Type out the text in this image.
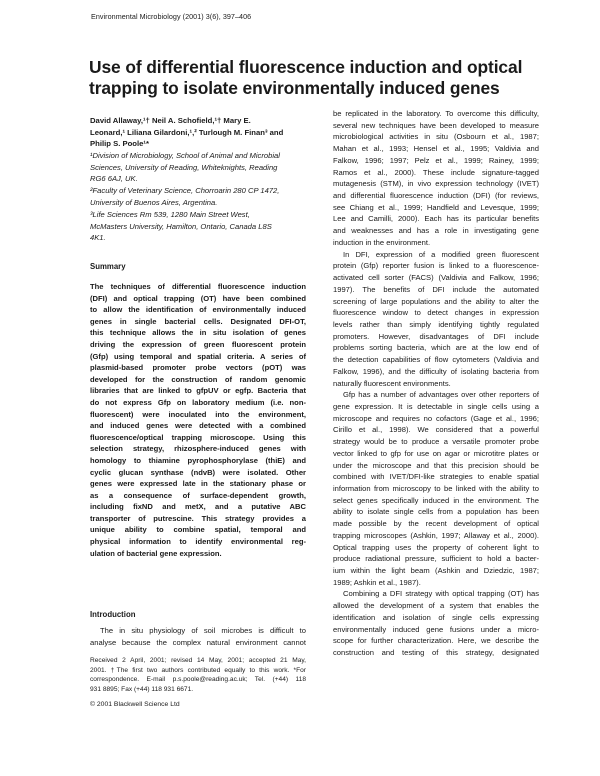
Environmental Microbiology (2001) 3(6), 397–406
Use of differential fluorescence induction and optical
trapping to isolate environmentally induced genes
David Allaway,¹† Neil A. Schofield,¹† Mary E.
Leonard,¹ Liliana Gilardoni,¹,² Turlough M. Finan³ and
Philip S. Poole¹*
¹Division of Microbiology, School of Animal and Microbial
Sciences, University of Reading, Whiteknights, Reading
RG6 6AJ, UK.
²Faculty of Veterinary Science, Chorroarin 280 CP 1472,
University of Buenos Aires, Argentina.
³Life Sciences Rm 539, 1280 Main Street West,
McMasters University, Hamilton, Ontario, Canada L8S
4K1.
Summary
The techniques of differential fluorescence induction
(DFI) and optical trapping (OT) have been combined
to allow the identification of environmentally induced
genes in single bacterial cells. Designated DFI-OT,
this technique allows the in situ isolation of genes
driving the expression of green fluorescent protein
(Gfp) using temporal and spatial criteria. A series of
plasmid-based promoter probe vectors (pOT) was
developed for the construction of random genomic
libraries that are linked to gfpUV or egfp. Bacteria that
do not express Gfp on laboratory medium (i.e. non-
fluorescent) were inoculated into the environment,
and induced genes were detected with a combined
fluorescence/optical trapping microscope. Using this
selection strategy, rhizosphere-induced genes with
homology to thiamine pyrophosphorylase (thiE) and
cyclic glucan synthase (ndvB) were isolated. Other
genes were expressed late in the stationary phase or
as a consequence of surface-dependent growth,
including fixND and metX, and a putative ABC
transporter of putrescine. This strategy provides a
unique ability to combine spatial, temporal and
physical information to identify environmental reg-
ulation of bacterial gene expression.
Introduction
The in situ physiology of soil microbes is difficult to
analyse because the complex natural environment cannot
Received 2 April, 2001; revised 14 May, 2001; accepted 21 May,
2001. †The first two authors contributed equally to this work. *For
correspondence. E-mail p.s.poole@reading.ac.uk; Tel. (+44) 118
931 8895; Fax (+44) 118 931 6671.
© 2001 Blackwell Science Ltd
be replicated in the laboratory. To overcome this difficulty,
several new techniques have been developed to measure
microbiological activities in situ (Osbourn et al., 1987;
Mahan et al., 1993; Hensel et al., 1995; Valdivia and
Falkow, 1996; 1997; Pelz et al., 1999; Rainey, 1999;
Ramos et al., 2000). These include signature-tagged
mutagenesis (STM), in vivo expression technology (IVET)
and differential fluorescence induction (DFI) (for reviews,
see Chiang et al., 1999; Handfield and Levesque, 1999;
Lee and Camilli, 2000). Each has its particular benefits
and weaknesses and has a role in investigating gene
induction in the environment.
In DFI, expression of a modified green fluorescent
protein (Gfp) reporter fusion is linked to a fluorescence-
activated cell sorter (FACS) (Valdivia and Falkow, 1996;
1997). The benefits of DFI include the automated
screening of large populations and the ability to alter the
fluorescence window to detect changes in expression
levels rather than simply identifying tightly regulated
promoters. However, disadvantages of DFI include
problems sorting bacteria, which are at the low end of
the detection capabilities of flow cytometers (Valdivia and
Falkow, 1996), and the difficulty of isolating bacteria from
naturally fluorescent environments.
Gfp has a number of advantages over other reporters of
gene expression. It is detectable in single cells using a
microscope and requires no cofactors (Gage et al., 1996;
Cirillo et al., 1998). We considered that a powerful
strategy would be to produce a versatile promoter probe
vector linked to gfp for use on agar or microtitre plates or
under the microscope and that this precision should be
combined with IVET/DFI-like strategies to enable spatial
information from microscopy to be linked with the ability to
select genes specifically induced in the environment. The
ability to isolate single cells from a population has been
made possible by the recent development of optical
trapping microscopes (Ashkin, 1997; Allaway et al., 2000).
Optical trapping uses the property of coherent light to
produce radiational pressure, sufficient to hold a bacter-
ium within the light beam (Ashkin and Dziedzic, 1987;
1989; Ashkin et al., 1987).
Combining a DFI strategy with optical trapping (OT) has
allowed the development of a system that enables the
identification and isolation of single cells expressing
environmentally induced gene fusions under a micro-
scope for further characterization. Here, we describe the
construction and testing of this strategy, designated
